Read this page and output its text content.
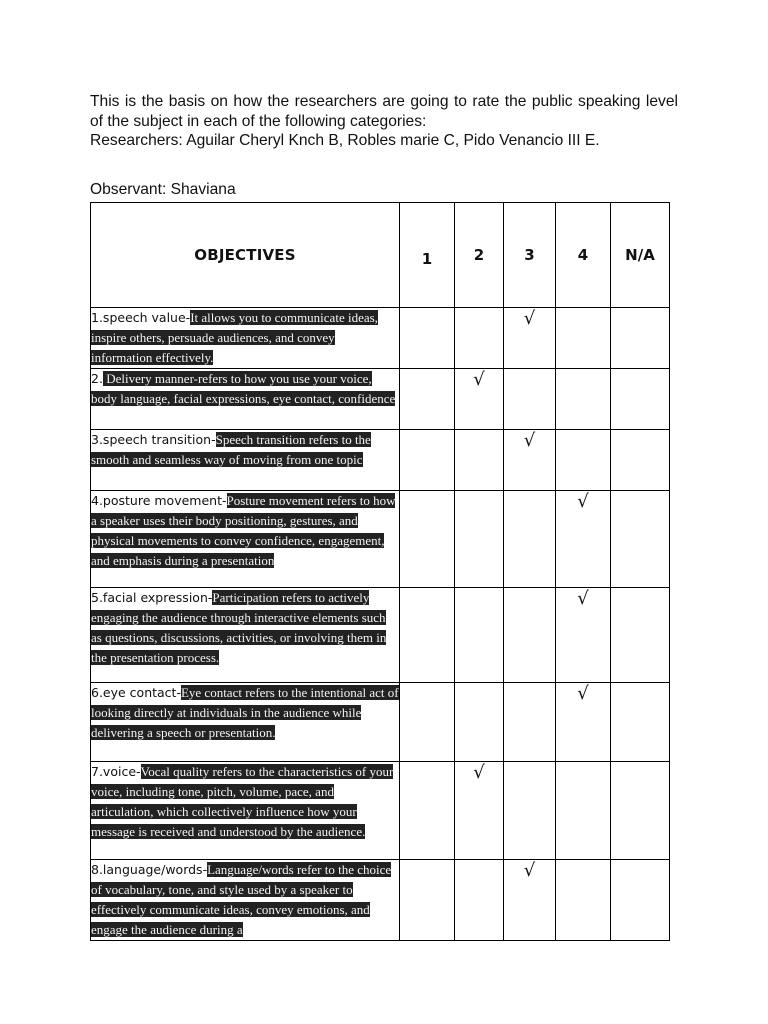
This is the basis on how the researchers are going to rate the public speaking level of the subject in each of the following categories:

Researchers: Aguilar Cheryl Knch B, Robles marie C, Pido Venancio III E.

Observant: Shaviana
OBJECTIVES	1	2	3	4	N/A
1.speech value-It allows you to communicate ideas, inspire others, persuade audiences, and convey information effectively.			√		
2. Delivery manner-refers to how you use your voice, body language, facial expressions, eye contact, confidence		√			
3.speech transition-Speech transition refers to the smooth and seamless way of moving from one topic			√		
4.posture movement-Posture movement refers to how a speaker uses their body positioning, gestures, and physical movements to convey confidence, engagement, and emphasis during a presentation				√	
5.facial expression-Participation refers to actively engaging the audience through interactive elements such as questions, discussions, activities, or involving them in the presentation process.				√	
6.eye contact-Eye contact refers to the intentional act of looking directly at individuals in the audience while delivering a speech or presentation.				√	
7.voice-Vocal quality refers to the characteristics of your voice, including tone, pitch, volume, pace, and articulation, which collectively influence how your message is received and understood by the audience.		√			
8.language/words-Language/words refer to the choice of vocabulary, tone, and style used by a speaker to effectively communicate ideas, convey emotions, and engage the audience during a			√		
